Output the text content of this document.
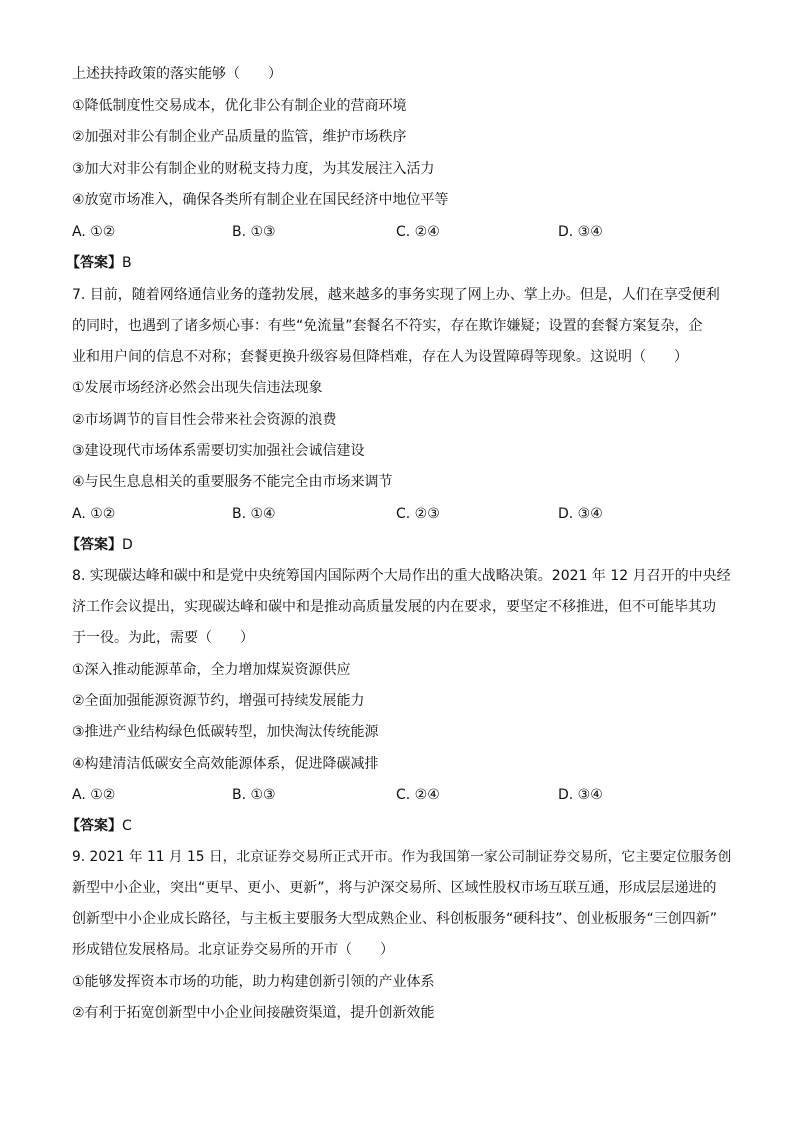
上述扶持政策的落实能够（　　）
①降低制度性交易成本，优化非公有制企业的营商环境
②加强对非公有制企业产品质量的监管，维护市场秩序
③加大对非公有制企业的财税支持力度，为其发展注入活力
④放宽市场准入，确保各类所有制企业在国民经济中地位平等
A. ①②	B. ①③	C. ②④	D. ③④
【答案】B
7. 目前，随着网络通信业务的蓬勃发展，越来越多的事务实现了网上办、掌上办。但是，人们在享受便利
的同时，也遇到了诸多烦心事：有些“免流量”套餐名不符实，存在欺诈嫌疑；设置的套餐方案复杂，企
业和用户间的信息不对称；套餐更换升级容易但降档难，存在人为设置障碍等现象。这说明（　　）
①发展市场经济必然会出现失信违法现象
②市场调节的盲目性会带来社会资源的浪费
③建设现代市场体系需要切实加强社会诚信建设
④与民生息息相关的重要服务不能完全由市场来调节
A. ①②	B. ①④	C. ②③	D. ③④
【答案】D
8. 实现碳达峰和碳中和是党中央统筹国内国际两个大局作出的重大战略决策。2021 年 12 月召开的中央经
济工作会议提出，实现碳达峰和碳中和是推动高质量发展的内在要求，要坚定不移推进，但不可能毕其功
于一役。为此，需要（　　）
①深入推动能源革命，全力增加煤炭资源供应
②全面加强能源资源节约，增强可持续发展能力
③推进产业结构绿色低碳转型，加快淘汰传统能源
④构建清洁低碳安全高效能源体系，促进降碳减排
A. ①②	B. ①③	C. ②④	D. ③④
【答案】C
9. 2021 年 11 月 15 日，北京证券交易所正式开市。作为我国第一家公司制证券交易所，它主要定位服务创
新型中小企业，突出“更早、更小、更新”，将与沪深交易所、区域性股权市场互联互通，形成层层递进的
创新型中小企业成长路径，与主板主要服务大型成熟企业、科创板服务“硬科技”、创业板服务“三创四新”
形成错位发展格局。北京证券交易所的开市（　　）
①能够发挥资本市场的功能，助力构建创新引领的产业体系
②有利于拓宽创新型中小企业间接融资渠道，提升创新效能
